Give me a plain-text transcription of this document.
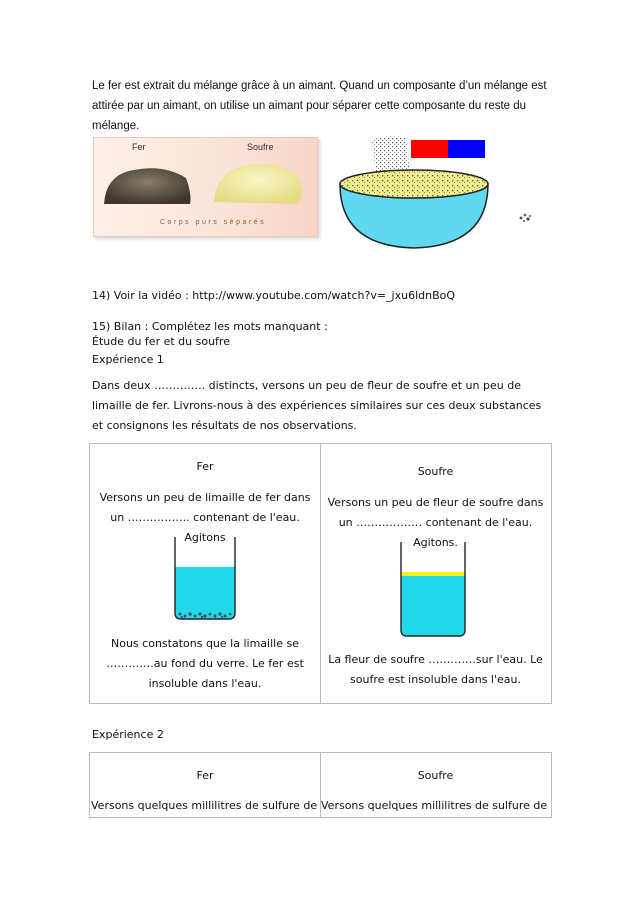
Le fer est extrait du mélange grâce à un aimant. Quand un composante d’un mélange est attirée par un aimant, on utilise un aimant pour séparer cette composante du reste du mélange.

Fer	Soufre
Corps purs séparés

14) Voir la vidéo : http://www.youtube.com/watch?v=_jxu6ldnBoQ

15) Bilan : Complétez les mots manquant :

Étude du fer et du soufre

Expérience 1

Dans deux ………….. distincts, versons un peu de fleur de soufre et un peu de limaille de fer. Livrons-nous à des expériences similaires sur ces deux substances et consignons les résultats de nos observations.

Fer

Versons un peu de limaille de fer dans un …………….. contenant de l'eau. Agitons

Nous constatons que la limaille se ………….au fond du verre. Le fer est insoluble dans l'eau.

Soufre

Versons un peu de fleur de soufre dans un ……………… contenant de l'eau. Agitons.

La fleur de soufre ………….sur l'eau. Le soufre est insoluble dans l'eau.

Expérience 2

Fer

Versons quelques millilitres de sulfure de

Soufre

Versons quelques millilitres de sulfure de
